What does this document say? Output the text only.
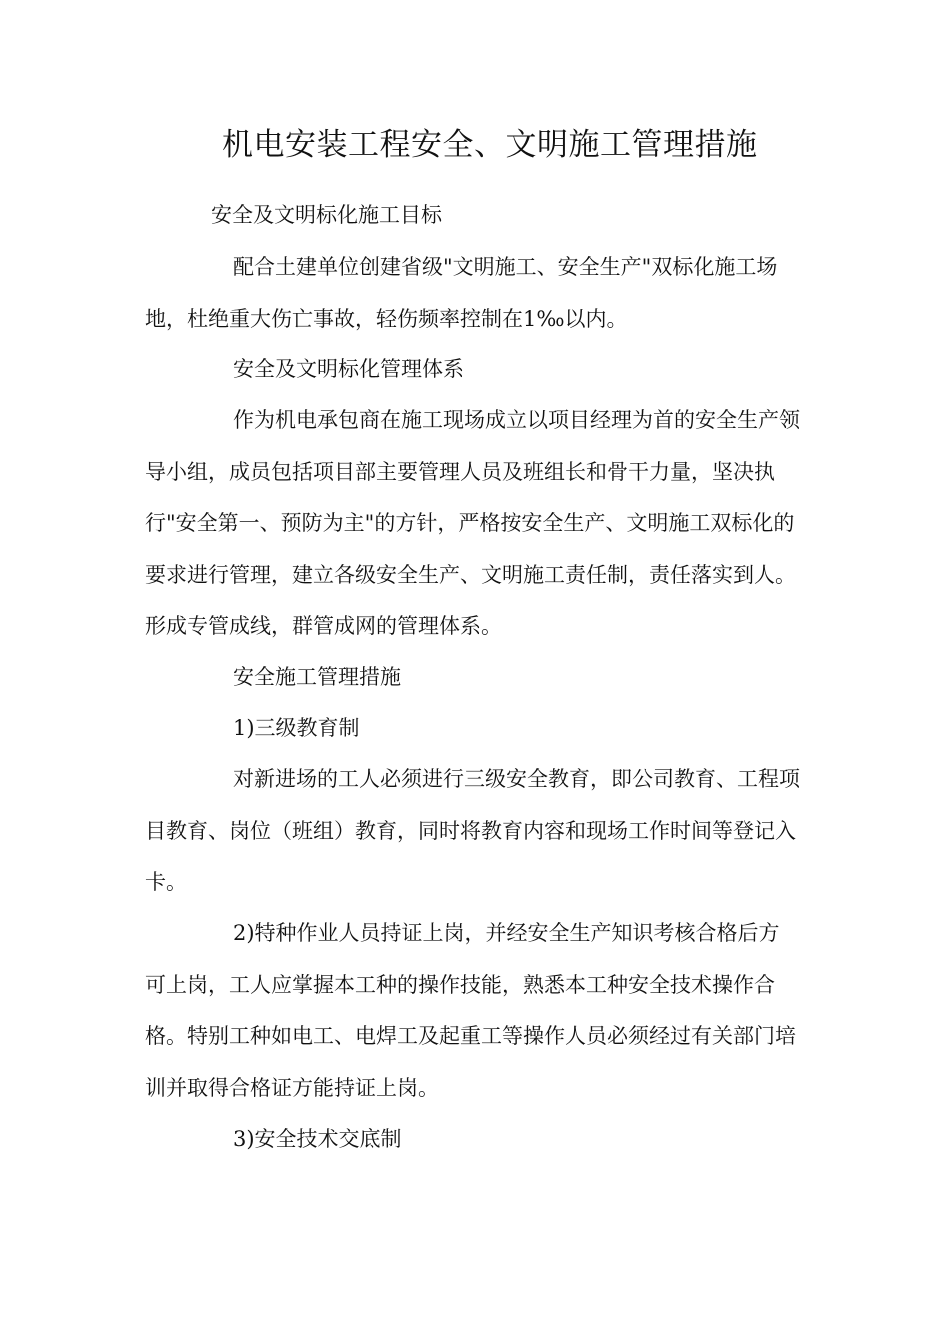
机电安装工程安全、文明施工管理措施
安全及文明标化施工目标
配合土建单位创建省级"文明施工、安全生产"双标化施工场地，杜绝重大伤亡事故，轻伤频率控制在1‰以内。
安全及文明标化管理体系
作为机电承包商在施工现场成立以项目经理为首的安全生产领导小组，成员包括项目部主要管理人员及班组长和骨干力量，坚决执行"安全第一、预防为主"的方针，严格按安全生产、文明施工双标化的要求进行管理，建立各级安全生产、文明施工责任制，责任落实到人。形成专管成线，群管成网的管理体系。
安全施工管理措施
1)三级教育制
对新进场的工人必须进行三级安全教育，即公司教育、工程项目教育、岗位（班组）教育，同时将教育内容和现场工作时间等登记入卡。
2)特种作业人员持证上岗，并经安全生产知识考核合格后方可上岗，工人应掌握本工种的操作技能，熟悉本工种安全技术操作合格。特别工种如电工、电焊工及起重工等操作人员必须经过有关部门培训并取得合格证方能持证上岗。
3)安全技术交底制
